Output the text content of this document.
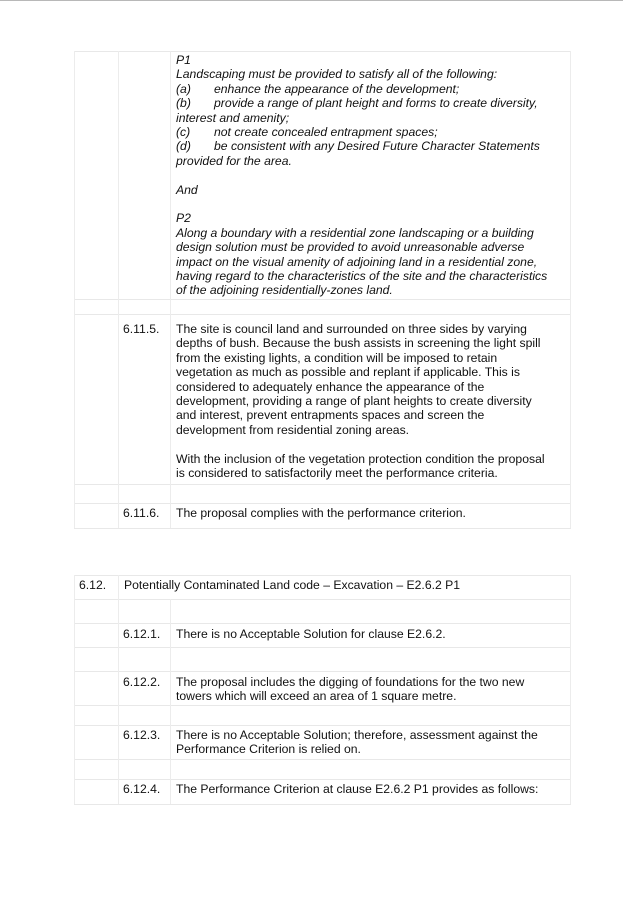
P1

Landscaping must be provided to satisfy all of the following:

(a) enhance the appearance of the development;

(b) provide a range of plant height and forms to create diversity,

interest and amenity;

(c) not create concealed entrapment spaces;

(d) be consistent with any Desired Future Character Statements

provided for the area.

And

P2

Along a boundary with a residential zone landscaping or a building

design solution must be provided to avoid unreasonable adverse

impact on the visual amenity of adjoining land in a residential zone,

having regard to the characteristics of the site and the characteristics

of the adjoining residentially-zones land.

6.11.5. The site is council land and surrounded on three sides by varying

depths of bush. Because the bush assists in screening the light spill

from the existing lights, a condition will be imposed to retain

vegetation as much as possible and replant if applicable. This is

considered to adequately enhance the appearance of the

development, providing a range of plant heights to create diversity

and interest, prevent entrapments spaces and screen the

development from residential zoning areas.

With the inclusion of the vegetation protection condition the proposal

is considered to satisfactorily meet the performance criteria.

6.11.6. The proposal complies with the performance criterion.
6.12. Potentially Contaminated Land code – Excavation – E2.6.2 P1
6.12.1. There is no Acceptable Solution for clause E2.6.2.
6.12.2. The proposal includes the digging of foundations for the two new

towers which will exceed an area of 1 square metre.

6.12.3. There is no Acceptable Solution; therefore, assessment against the

Performance Criterion is relied on.

6.12.4. The Performance Criterion at clause E2.6.2 P1 provides as follows:
